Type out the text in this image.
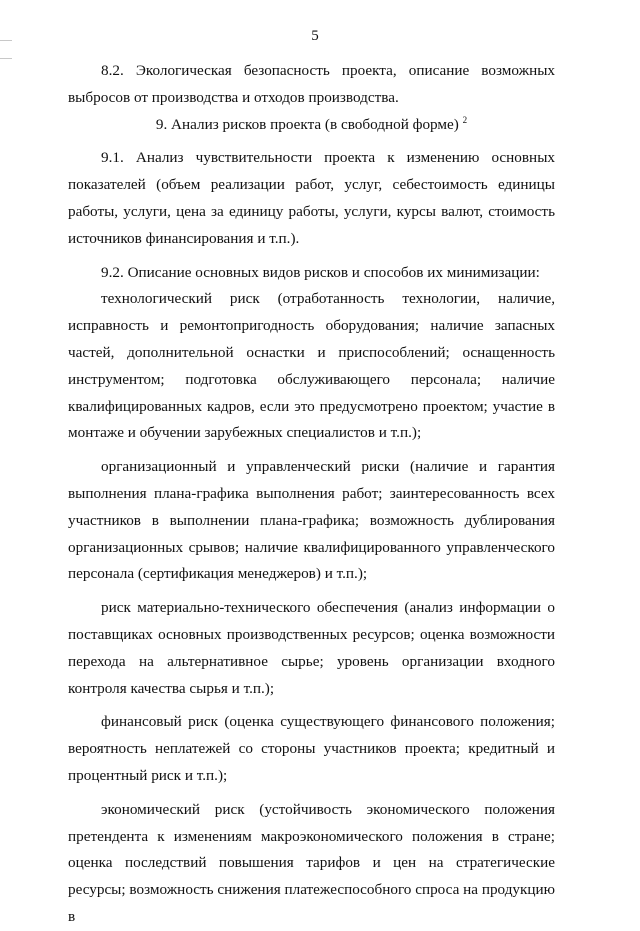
5

8.2. Экологическая безопасность проекта, описание возможных выбросов от производства и отходов производства.

9. Анализ рисков проекта (в свободной форме) $^2$

9.1. Анализ чувствительности проекта к изменению основных показателей (объем реализации работ, услуг, себестоимость единицы работы, услуги, цена за единицу работы, услуги, курсы валют, стоимость источников финансирования и т.п.).

9.2. Описание основных видов рисков и способов их минимизации:

технологический риск (отработанность технологии, наличие, исправность и ремонтопригодность оборудования; наличие запасных частей, дополнительной оснастки и приспособлений; оснащенность инструментом; подготовка обслуживающего персонала; наличие квалифицированных кадров, если это предусмотрено проектом; участие в монтаже и обучении зарубежных специалистов и т.п.);

организационный и управленческий риски (наличие и гарантия выполнения плана-графика выполнения работ; заинтересованность всех участников в выполнении плана-графика; возможность дублирования организационных срывов; наличие квалифицированного управленческого персонала (сертификация менеджеров) и т.п.);

риск материально-технического обеспечения (анализ информации о поставщиках основных производственных ресурсов; оценка возможности перехода на альтернативное сырье; уровень организации входного контроля качества сырья и т.п.);

финансовый риск (оценка существующего финансового положения; вероятность неплатежей со стороны участников проекта; кредитный и процентный риск и т.п.);

экономический риск (устойчивость экономического положения претендента к изменениям макроэкономического положения в стране; оценка последствий повышения тарифов и цен на стратегические ресурсы; возможность снижения платежеспособного спроса на продукцию в
